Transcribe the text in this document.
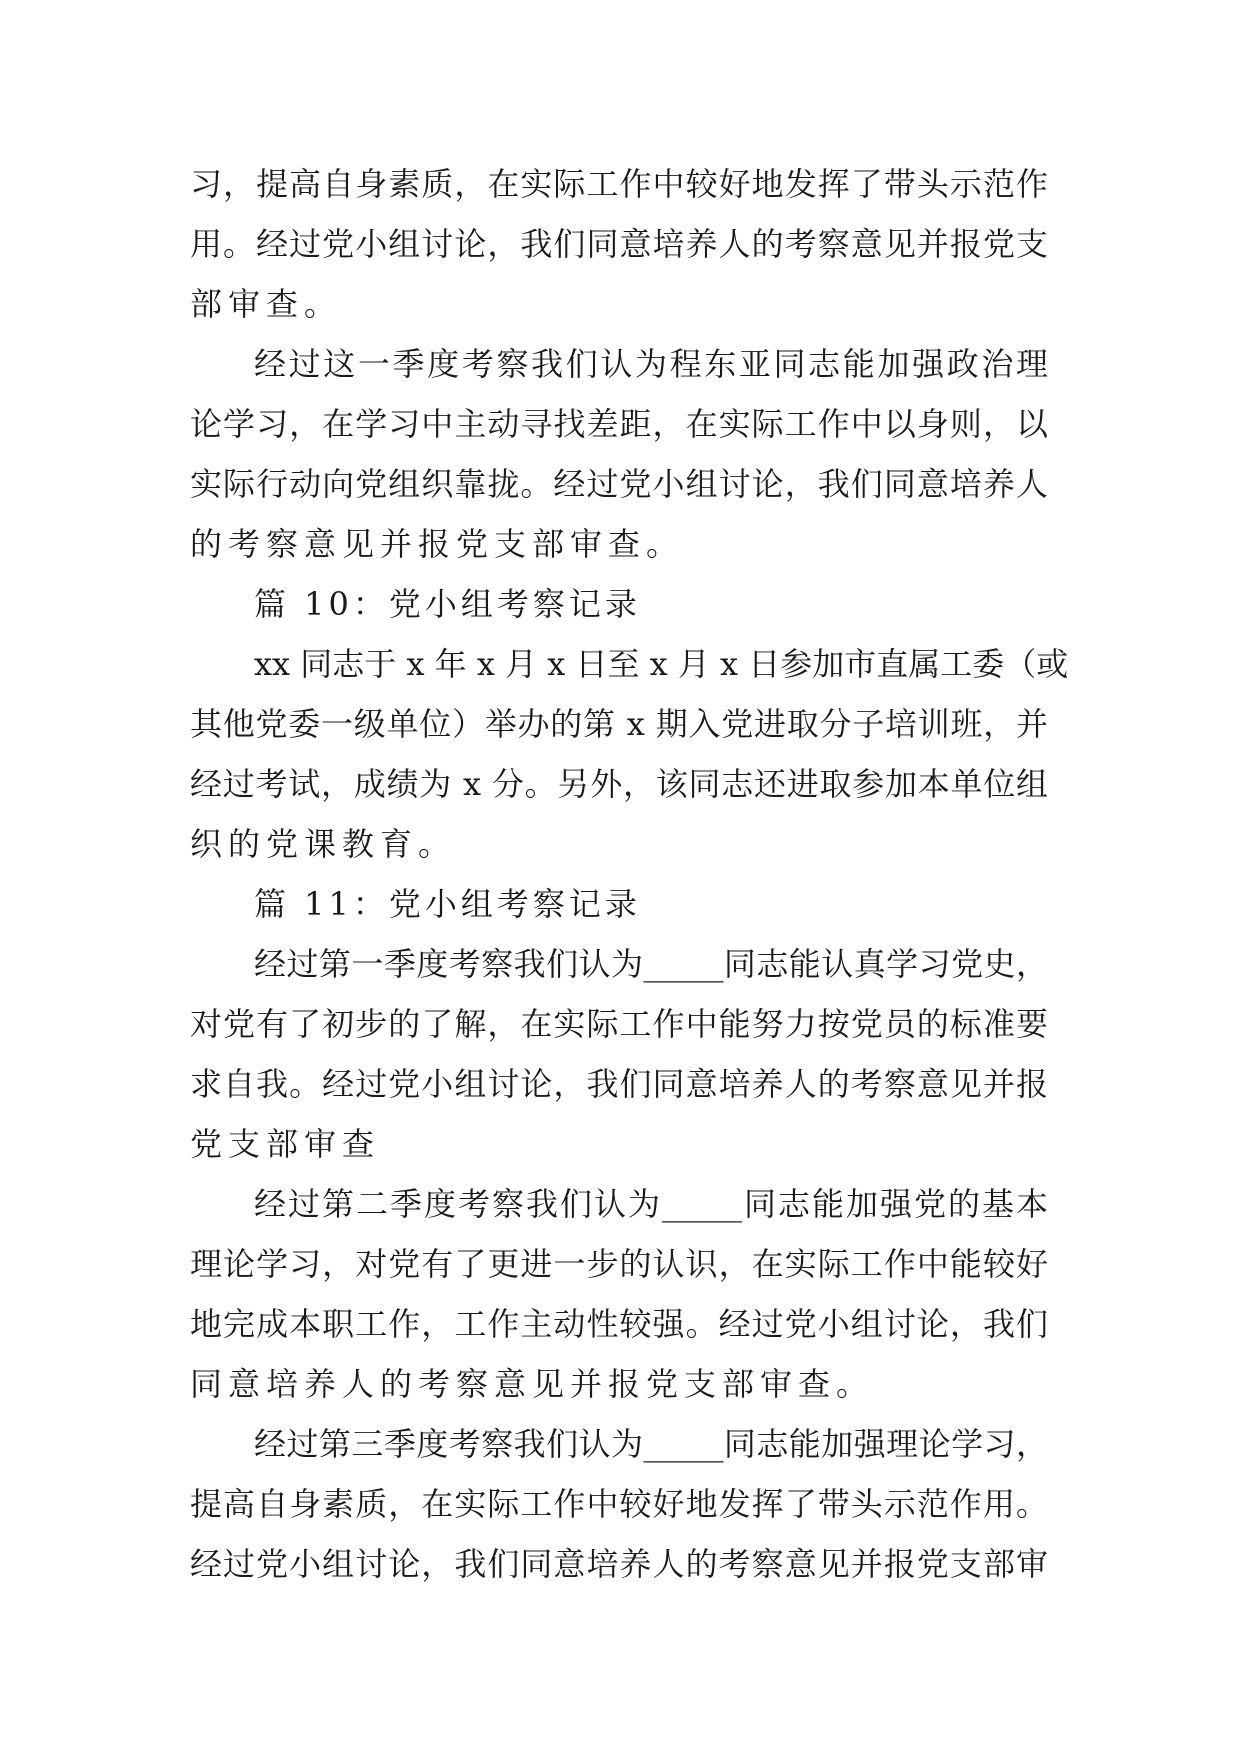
习，提高自身素质，在实际工作中较好地发挥了带头示范作
用。经过党小组讨论，我们同意培养人的考察意见并报党支
部审查。
经过这一季度考察我们认为程东亚同志能加强政治理
论学习，在学习中主动寻找差距，在实际工作中以身则，以
实际行动向党组织靠拢。经过党小组讨论，我们同意培养人
的考察意见并报党支部审查。
篇 10：党小组考察记录
xx 同志于 x 年 x 月 x 日至 x 月 x 日参加市直属工委（或
其他党委一级单位）举办的第 x 期入党进取分子培训班，并
经过考试，成绩为 x 分。另外，该同志还进取参加本单位组
织的党课教育。
篇 11：党小组考察记录
经过第一季度考察我们认为_____同志能认真学习党史，
对党有了初步的了解，在实际工作中能努力按党员的标准要
求自我。经过党小组讨论，我们同意培养人的考察意见并报
党支部审查
经过第二季度考察我们认为_____同志能加强党的基本
理论学习，对党有了更进一步的认识，在实际工作中能较好
地完成本职工作，工作主动性较强。经过党小组讨论，我们
同意培养人的考察意见并报党支部审查。
经过第三季度考察我们认为_____同志能加强理论学习，
提高自身素质，在实际工作中较好地发挥了带头示范作用。
经过党小组讨论，我们同意培养人的考察意见并报党支部审
